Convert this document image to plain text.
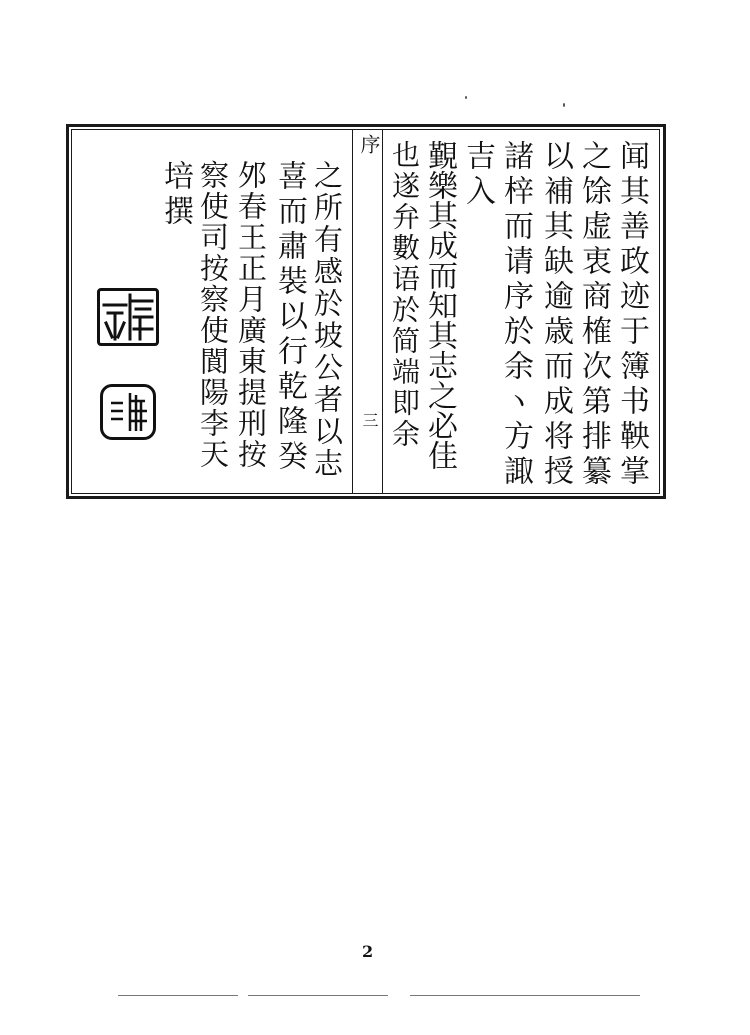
序
三	闻其善政迹于簿书鞅掌
之馀虚衷商榷次第排纂
以補其缺逾歳而成将授
諸梓而请序於余ヽ方諏
吉入
覲樂其成而知其志之必佳
也遂弁數语於简端即余
之所有感於坡公者以志
喜而肅裝以行乾隆癸
邜春王正月廣東提刑按
察使司按察使閬陽李天
培撰
2
